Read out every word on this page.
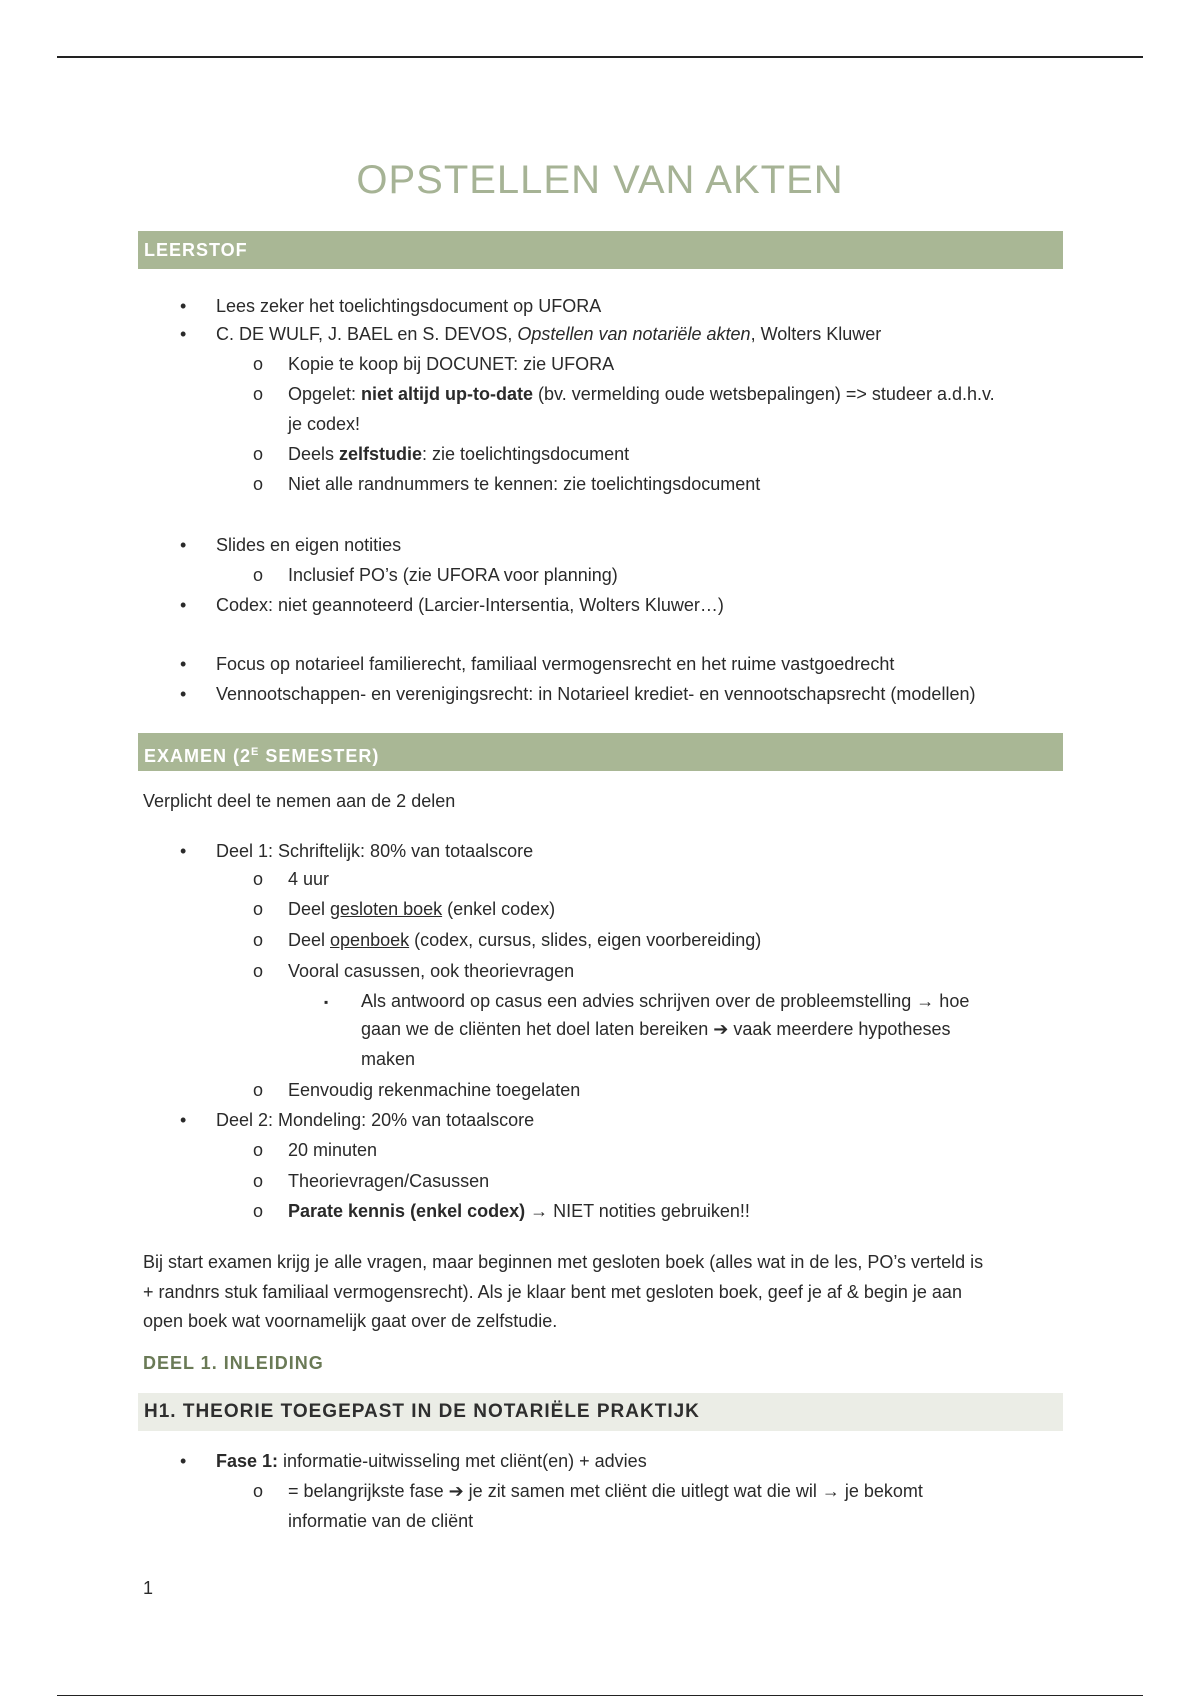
OPSTELLEN VAN AKTEN
LEERSTOF
• Lees zeker het toelichtingsdocument op UFORA
• C. DE WULF, J. BAEL en S. DEVOS, Opstellen van notariële akten, Wolters Kluwer
o Kopie te koop bij DOCUNET: zie UFORA
o Opgelet: niet altijd up-to-date (bv. vermelding oude wetsbepalingen) => studeer a.d.h.v.
je codex!
o Deels zelfstudie: zie toelichtingsdocument
o Niet alle randnummers te kennen: zie toelichtingsdocument
• Slides en eigen notities
o Inclusief PO’s (zie UFORA voor planning)
• Codex: niet geannoteerd (Larcier-Intersentia, Wolters Kluwer…)
• Focus op notarieel familierecht, familiaal vermogensrecht en het ruime vastgoedrecht
• Vennootschappen- en verenigingsrecht: in Notarieel krediet- en vennootschapsrecht (modellen)
EXAMEN ($2^E$ SEMESTER)
Verplicht deel te nemen aan de 2 delen
• Deel 1: Schriftelijk: 80% van totaalscore
o 4 uur
o Deel gesloten boek (enkel codex)
o Deel openboek (codex, cursus, slides, eigen voorbereiding)
o Vooral casussen, ook theorievragen
▪ Als antwoord op casus een advies schrijven over de probleemstelling → hoe
gaan we de cliënten het doel laten bereiken ➔ vaak meerdere hypotheses
maken
o Eenvoudig rekenmachine toegelaten
• Deel 2: Mondeling: 20% van totaalscore
o 20 minuten
o Theorievragen/Casussen
o Parate kennis (enkel codex) → NIET notities gebruiken!!
Bij start examen krijg je alle vragen, maar beginnen met gesloten boek (alles wat in de les, PO’s verteld is
+ randnrs stuk familiaal vermogensrecht). Als je klaar bent met gesloten boek, geef je af & begin je aan
open boek wat voornamelijk gaat over de zelfstudie.
DEEL 1. INLEIDING
H1. THEORIE TOEGEPAST IN DE NOTARIËLE PRAKTIJK
• Fase 1: informatie-uitwisseling met cliënt(en) + advies
o = belangrijkste fase ➔ je zit samen met cliënt die uitlegt wat die wil → je bekomt
informatie van de cliënt
1
